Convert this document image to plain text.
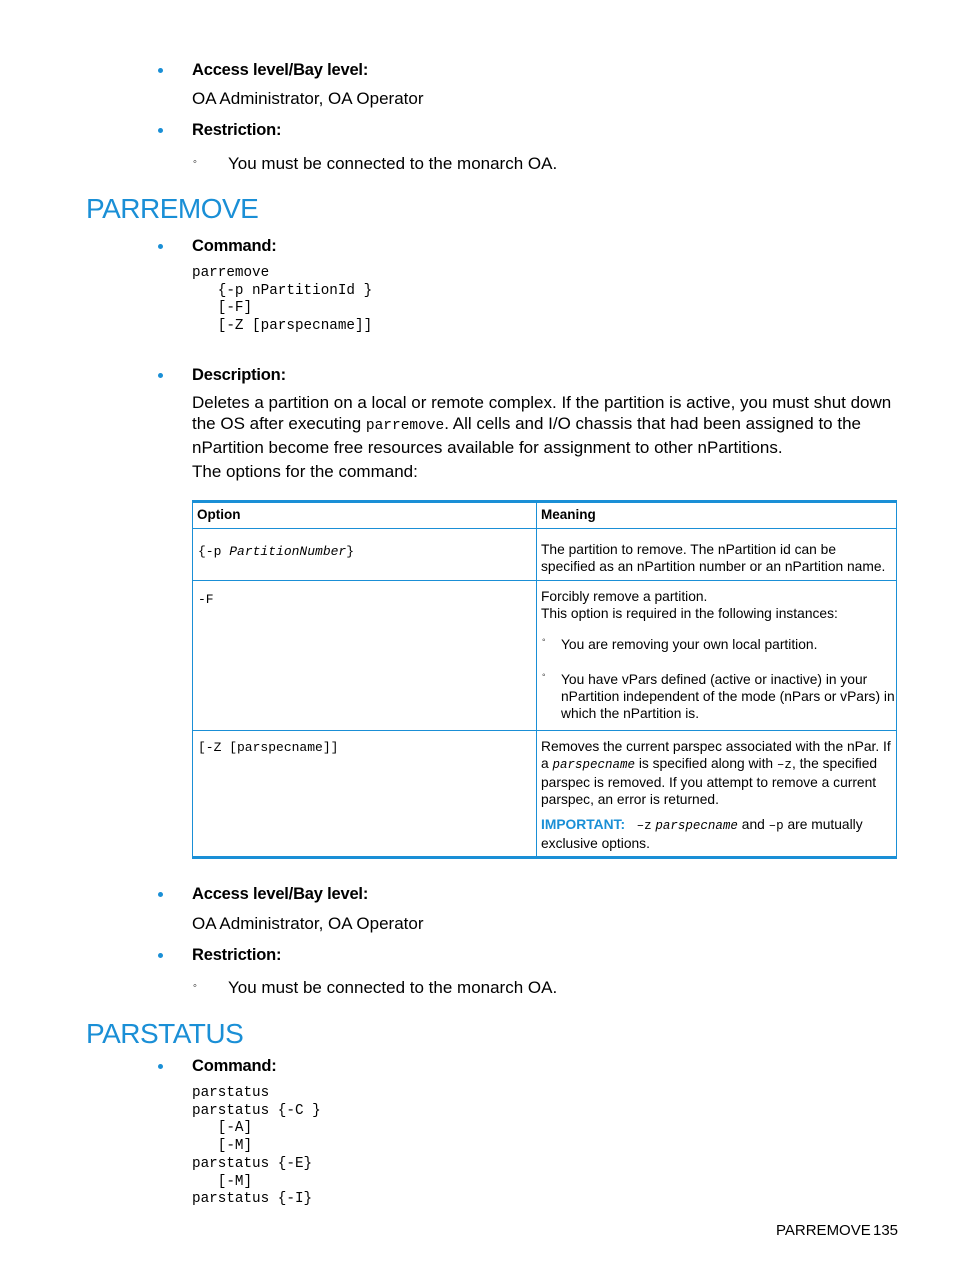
Access level/Bay level:
OA Administrator, OA Operator
Restriction:
◦ You must be connected to the monarch OA.
PARREMOVE
Command:
parremove
{-p nPartitionId }
[-F]
[-Z [parspecname]]
Description:
Deletes a partition on a local or remote complex. If the partition is active, you must shut down the OS after executing parremove. All cells and I/O chassis that had been assigned to the nPartition become free resources available for assignment to other nPartitions.
The options for the command:
Option	Meaning
{-p PartitionNumber}	The partition to remove. The nPartition id can be specified as an nPartition number or an nPartition name.
-F	Forcibly remove a partition.
This option is required in the following instances:
◦ You are removing your own local partition.
◦ You have vPars defined (active or inactive) in your nPartition independent of the mode (nPars or vPars) in which the nPartition is.
[-Z [parspecname]]	Removes the current parspec associated with the nPar. If a parspecname is specified along with –z, the specified parspec is removed. If you attempt to remove a current parspec, an error is returned.
IMPORTANT: –z parspecname and –p are mutually exclusive options.
Access level/Bay level:
OA Administrator, OA Operator
Restriction:
◦ You must be connected to the monarch OA.
PARSTATUS
Command:
parstatus
parstatus {-C }
[-A]
[-M]
parstatus {-E}
[-M]
parstatus {-I}
PARREMOVE 135
